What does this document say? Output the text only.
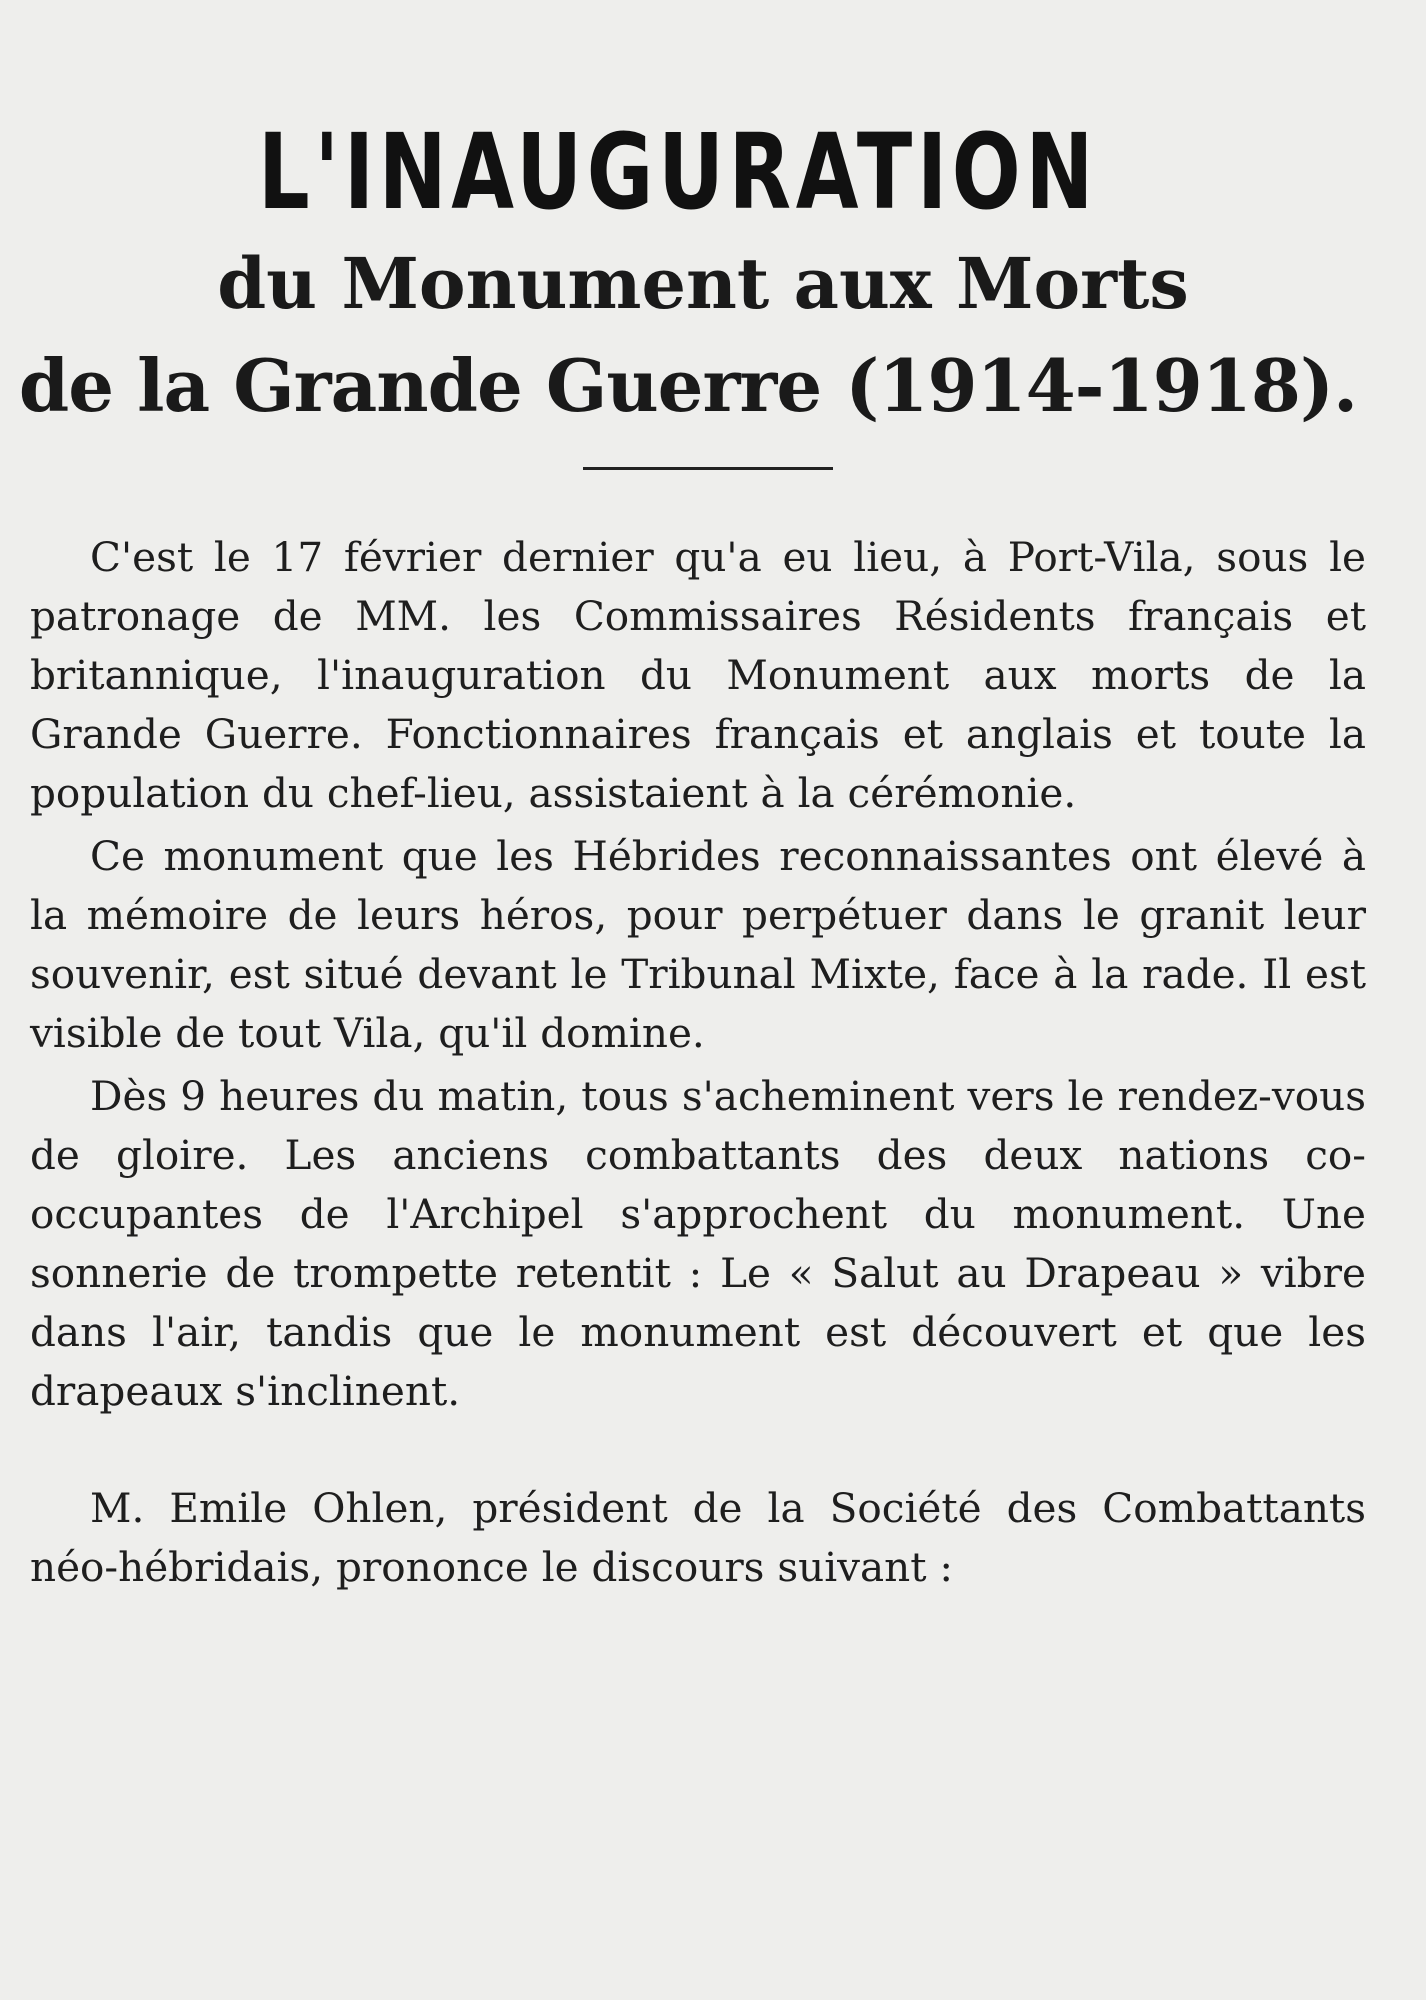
L'INAUGURATION
du Monument aux Morts
de la Grande Guerre (1914-1918).

C'est le 17 février dernier qu'a eu lieu, à Port-Vila, sous le patronage de MM. les Commissaires Résidents français et britannique, l'inauguration du Monument aux morts de la Grande Guerre. Fonctionnaires français et anglais et toute la population du chef-lieu, assistaient à la cérémonie.

Ce monument que les Hébrides reconnaissantes ont élevé à la mémoire de leurs héros, pour perpétuer dans le granit leur souvenir, est situé devant le Tribunal Mixte, face à la rade. Il est visible de tout Vila, qu'il domine.

Dès 9 heures du matin, tous s'acheminent vers le rendez-vous de gloire. Les anciens combattants des deux nations co-occupantes de l'Archipel s'approchent du monument. Une sonnerie de trompette retentit : Le « Salut au Drapeau » vibre dans l'air, tandis que le monument est découvert et que les drapeaux s'inclinent.

M. Emile Ohlen, président de la Société des Combattants néo-hébridais, prononce le discours suivant :
